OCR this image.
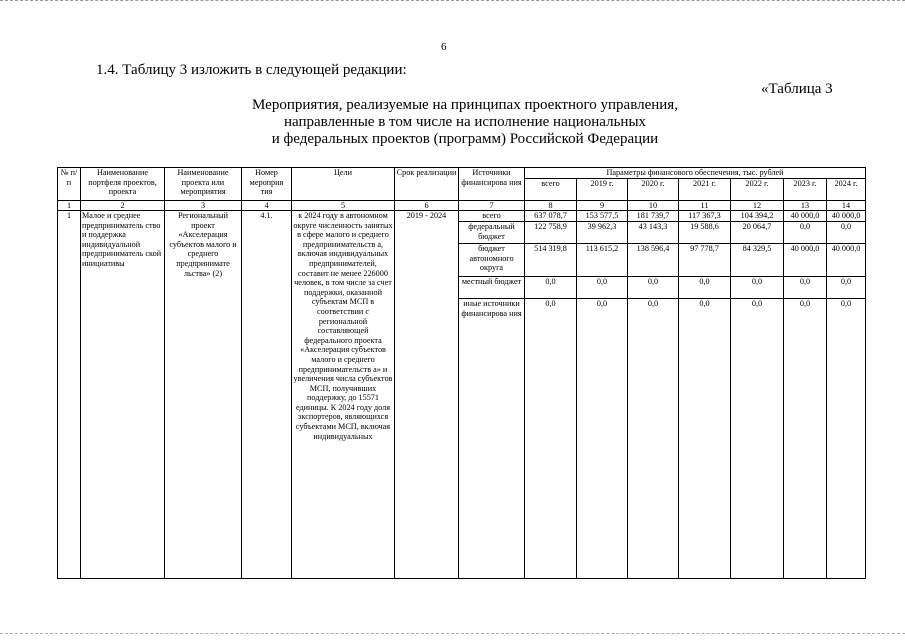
6
1.4. Таблицу 3 изложить в следующей редакции:
«Таблица 3
Мероприятия, реализуемые на принципах проектного управления,
направленные в том числе на исполнение национальных
и федеральных проектов (программ) Российской Федерации
№ п/п	Наименование портфеля проектов, проекта	Наименование проекта или мероприятия	Номер мероприя тия	Цели	Срок реализации	Источники финансирова ния	Параметры финансового обеспечения, тыс. рублей						
							всего	2019 г.	2020 г.	2021 г.	2022 г.	2023 г.	2024 г.
1	2	3	4	5	6	7	8	9	10	11	12	13	14
1	Малое и среднее предприниматель ство и поддержка индивидуальной предприниматель ской инициативы	Региональный проект «Акселерация субъектов малого и среднего предпринимате льства» (2)	4.1.	к 2024 году в автономном округе численность занятых в сфере малого и среднего предпринимательств а, включая индивидуальных предпринимателей, составит не менее 226000 человек, в том числе за счет поддержки, оказанной субъектам МСП в соответствии с региональной составляющей федерального проекта «Акселерация субъектов малого и среднего предпринимательств а» и увеличения числа субъектов МСП, получивших поддержку, до 15571 единицы. К 2024 году доля экспортеров, являющихся субъектами МСП, включая индивидуальных	2019 - 2024	всего	637 078,7	153 577,5	181 739,7	117 367,3	104 394,2	40 000,0	40 000,0
						федеральный бюджет	122 758,9	39 962,3	43 143,3	19 588,6	20 064,7	0,0	0,0
						бюджет автономного округа	514 319,8	113 615,2	138 596,4	97 778,7	84 329,5	40 000,0	40 000,0
						местный бюджет	0,0	0,0	0,0	0,0	0,0	0,0	0,0
						иные источники финансирова ния	0,0	0,0	0,0	0,0	0,0	0,0	0,0
